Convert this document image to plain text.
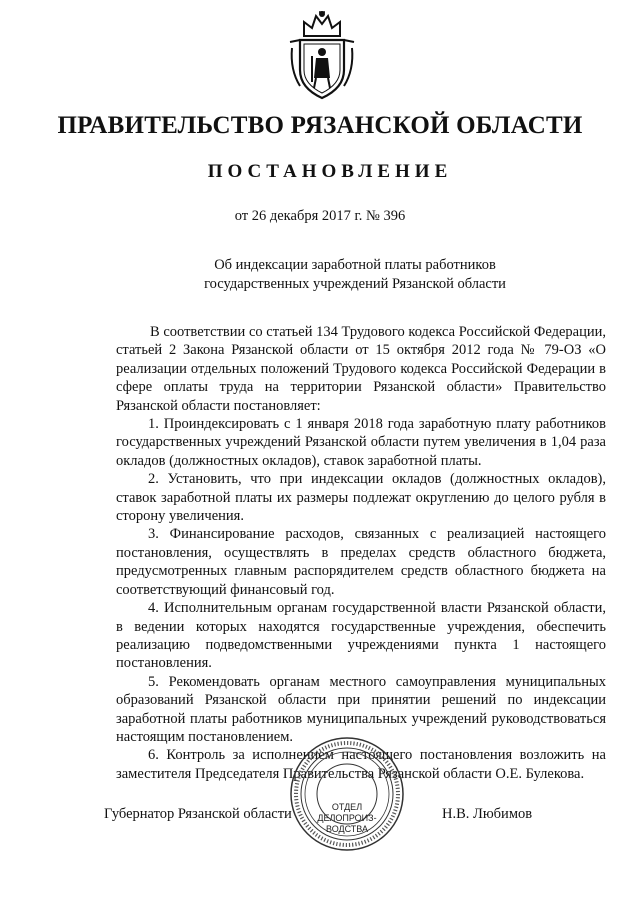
ПРАВИТЕЛЬСТВО РЯЗАНСКОЙ ОБЛАСТИ
ПОСТАНОВЛЕНИЕ
от 26 декабря 2017 г. № 396
Об индексации заработной платы работников
государственных учреждений Рязанской области

В соответствии со статьей 134 Трудового кодекса Российской Федерации, статьей 2 Закона Рязанской области от 15 октября 2012 года № 79-ОЗ «О реализации отдельных положений Трудового кодекса Российской Федерации в сфере оплаты труда на территории Рязанской области» Правительство Рязанской области постановляет:

1. Проиндексировать с 1 января 2018 года заработную плату работников государственных учреждений Рязанской области путем увеличения в 1,04 раза окладов (должностных окладов), ставок заработной платы.

2. Установить, что при индексации окладов (должностных окладов), ставок заработной платы их размеры подлежат округлению до целого рубля в сторону увеличения.

3. Финансирование расходов, связанных с реализацией настоящего постановления, осуществлять в пределах средств областного бюджета, предусмотренных главным распорядителем средств областного бюджета на соответствующий финансовый год.

4. Исполнительным органам государственной власти Рязанской области, в ведении которых находятся государственные учреждения, обеспечить реализацию подведомственными учреждениями пункта 1 настоящего постановления.

5. Рекомендовать органам местного самоуправления муниципальных образований Рязанской области при принятии решений по индексации заработной платы работников муниципальных учреждений руководствоваться настоящим постановлением.

6. Контроль за исполнением настоящего постановления возложить на заместителя Председателя Правительства Рязанской области О.Е. Булекова.

ОТДЕЛ
ДЕЛОПРОИЗ-
ВОДСТВА
Губернатор Рязанской области	Н.В. Любимов
